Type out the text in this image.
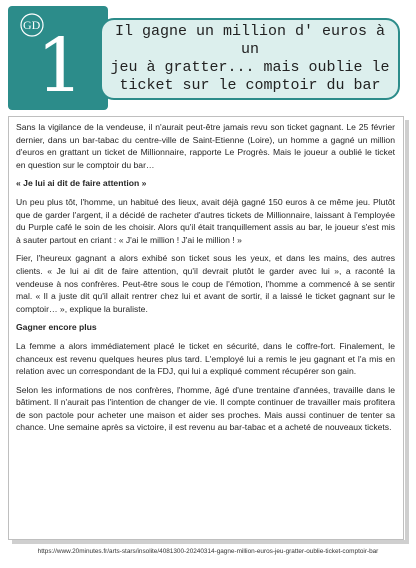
GD
1	Il gagne un million d' euros à un
jeu à gratter... mais oublie le
ticket sur le comptoir du bar

Sans la vigilance de la vendeuse, il n'aurait peut-être jamais revu son ticket gagnant. Le 25 février dernier, dans un bar-tabac du centre-ville de Saint-Etienne (Loire), un homme a gagné un million d'euros en grattant un ticket de Millionnaire, rapporte Le Progrès. Mais le joueur a oublié le ticket en question sur le comptoir du bar…

« Je lui ai dit de faire attention »

Un peu plus tôt, l'homme, un habitué des lieux, avait déjà gagné 150 euros à ce même jeu. Plutôt que de garder l'argent, il a décidé de racheter d'autres tickets de Millionnaire, laissant à l'employée du Purple café le soin de les choisir. Alors qu'il était tranquillement assis au bar, le joueur s'est mis à sauter partout en criant : « J'ai le million ! J'ai le million ! »

Fier, l'heureux gagnant a alors exhibé son ticket sous les yeux, et dans les mains, des autres clients. « Je lui ai dit de faire attention, qu'il devrait plutôt le garder avec lui », a raconté la vendeuse à nos confrères. Peut-être sous le coup de l'émotion, l'homme a commencé à se sentir mal. « Il a juste dit qu'il allait rentrer chez lui et avant de sortir, il a laissé le ticket gagnant sur le comptoir… », explique la buraliste.

Gagner encore plus

La femme a alors immédiatement placé le ticket en sécurité, dans le coffre-fort. Finalement, le chanceux est revenu quelques heures plus tard. L'employé lui a remis le jeu gagnant et l'a mis en relation avec un correspondant de la FDJ, qui lui a expliqué comment récupérer son gain.

Selon les informations de nos confrères, l'homme, âgé d'une trentaine d'années, travaille dans le bâtiment. Il n'aurait pas l'intention de changer de vie. Il compte continuer de travailler mais profitera de son pactole pour acheter une maison et aider ses proches. Mais aussi continuer de tenter sa chance. Une semaine après sa victoire, il est revenu au bar-tabac et a acheté de nouveaux tickets.

https://www.20minutes.fr/arts-stars/insolite/4081300-20240314-gagne-million-euros-jeu-gratter-oublie-ticket-comptoir-bar
